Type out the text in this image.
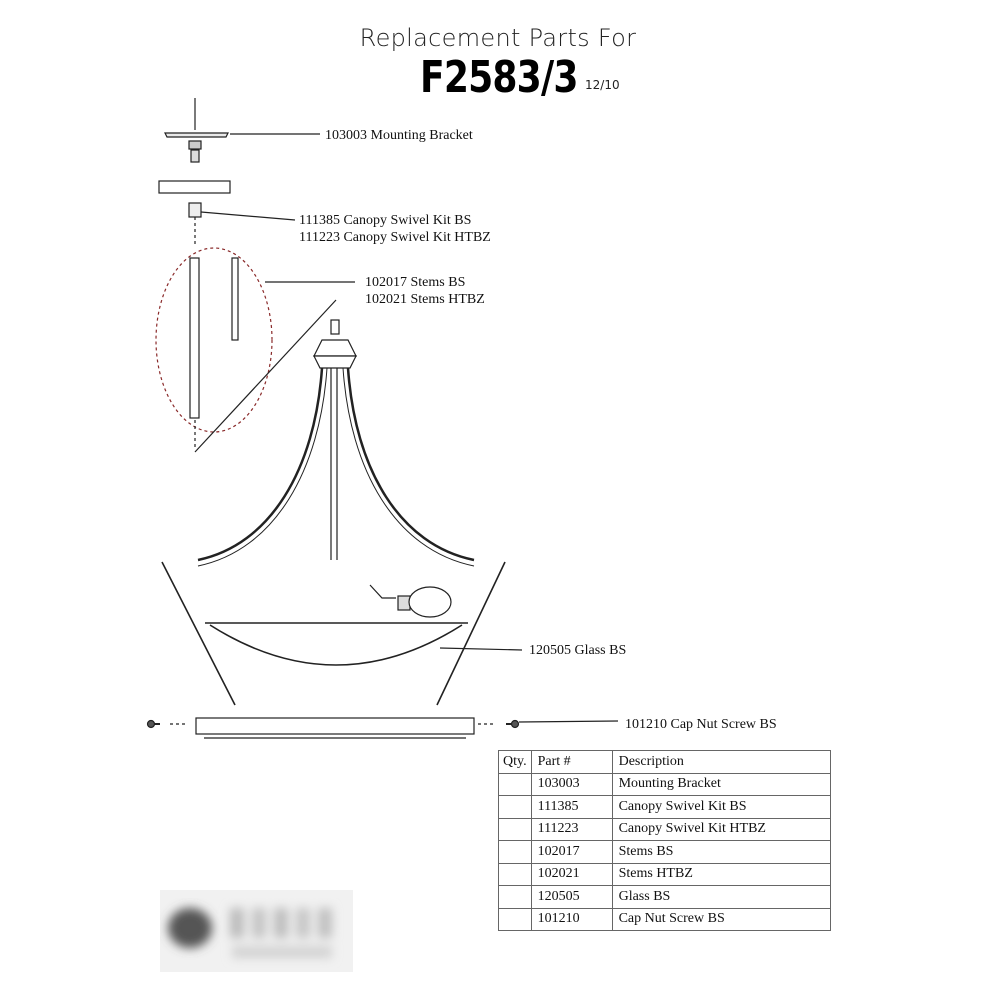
Replacement Parts For
F2583/3 12/10
103003 Mounting Bracket
111385 Canopy Swivel Kit BS
111223 Canopy Swivel Kit HTBZ
102017 Stems BS
102021 Stems HTBZ
120505 Glass BS
101210 Cap Nut Screw BS
Qty.	Part #	Description
	103003	Mounting Bracket
	111385	Canopy Swivel Kit BS
	111223	Canopy Swivel Kit HTBZ
	102017	Stems BS
	102021	Stems HTBZ
	120505	Glass BS
	101210	Cap Nut Screw BS
